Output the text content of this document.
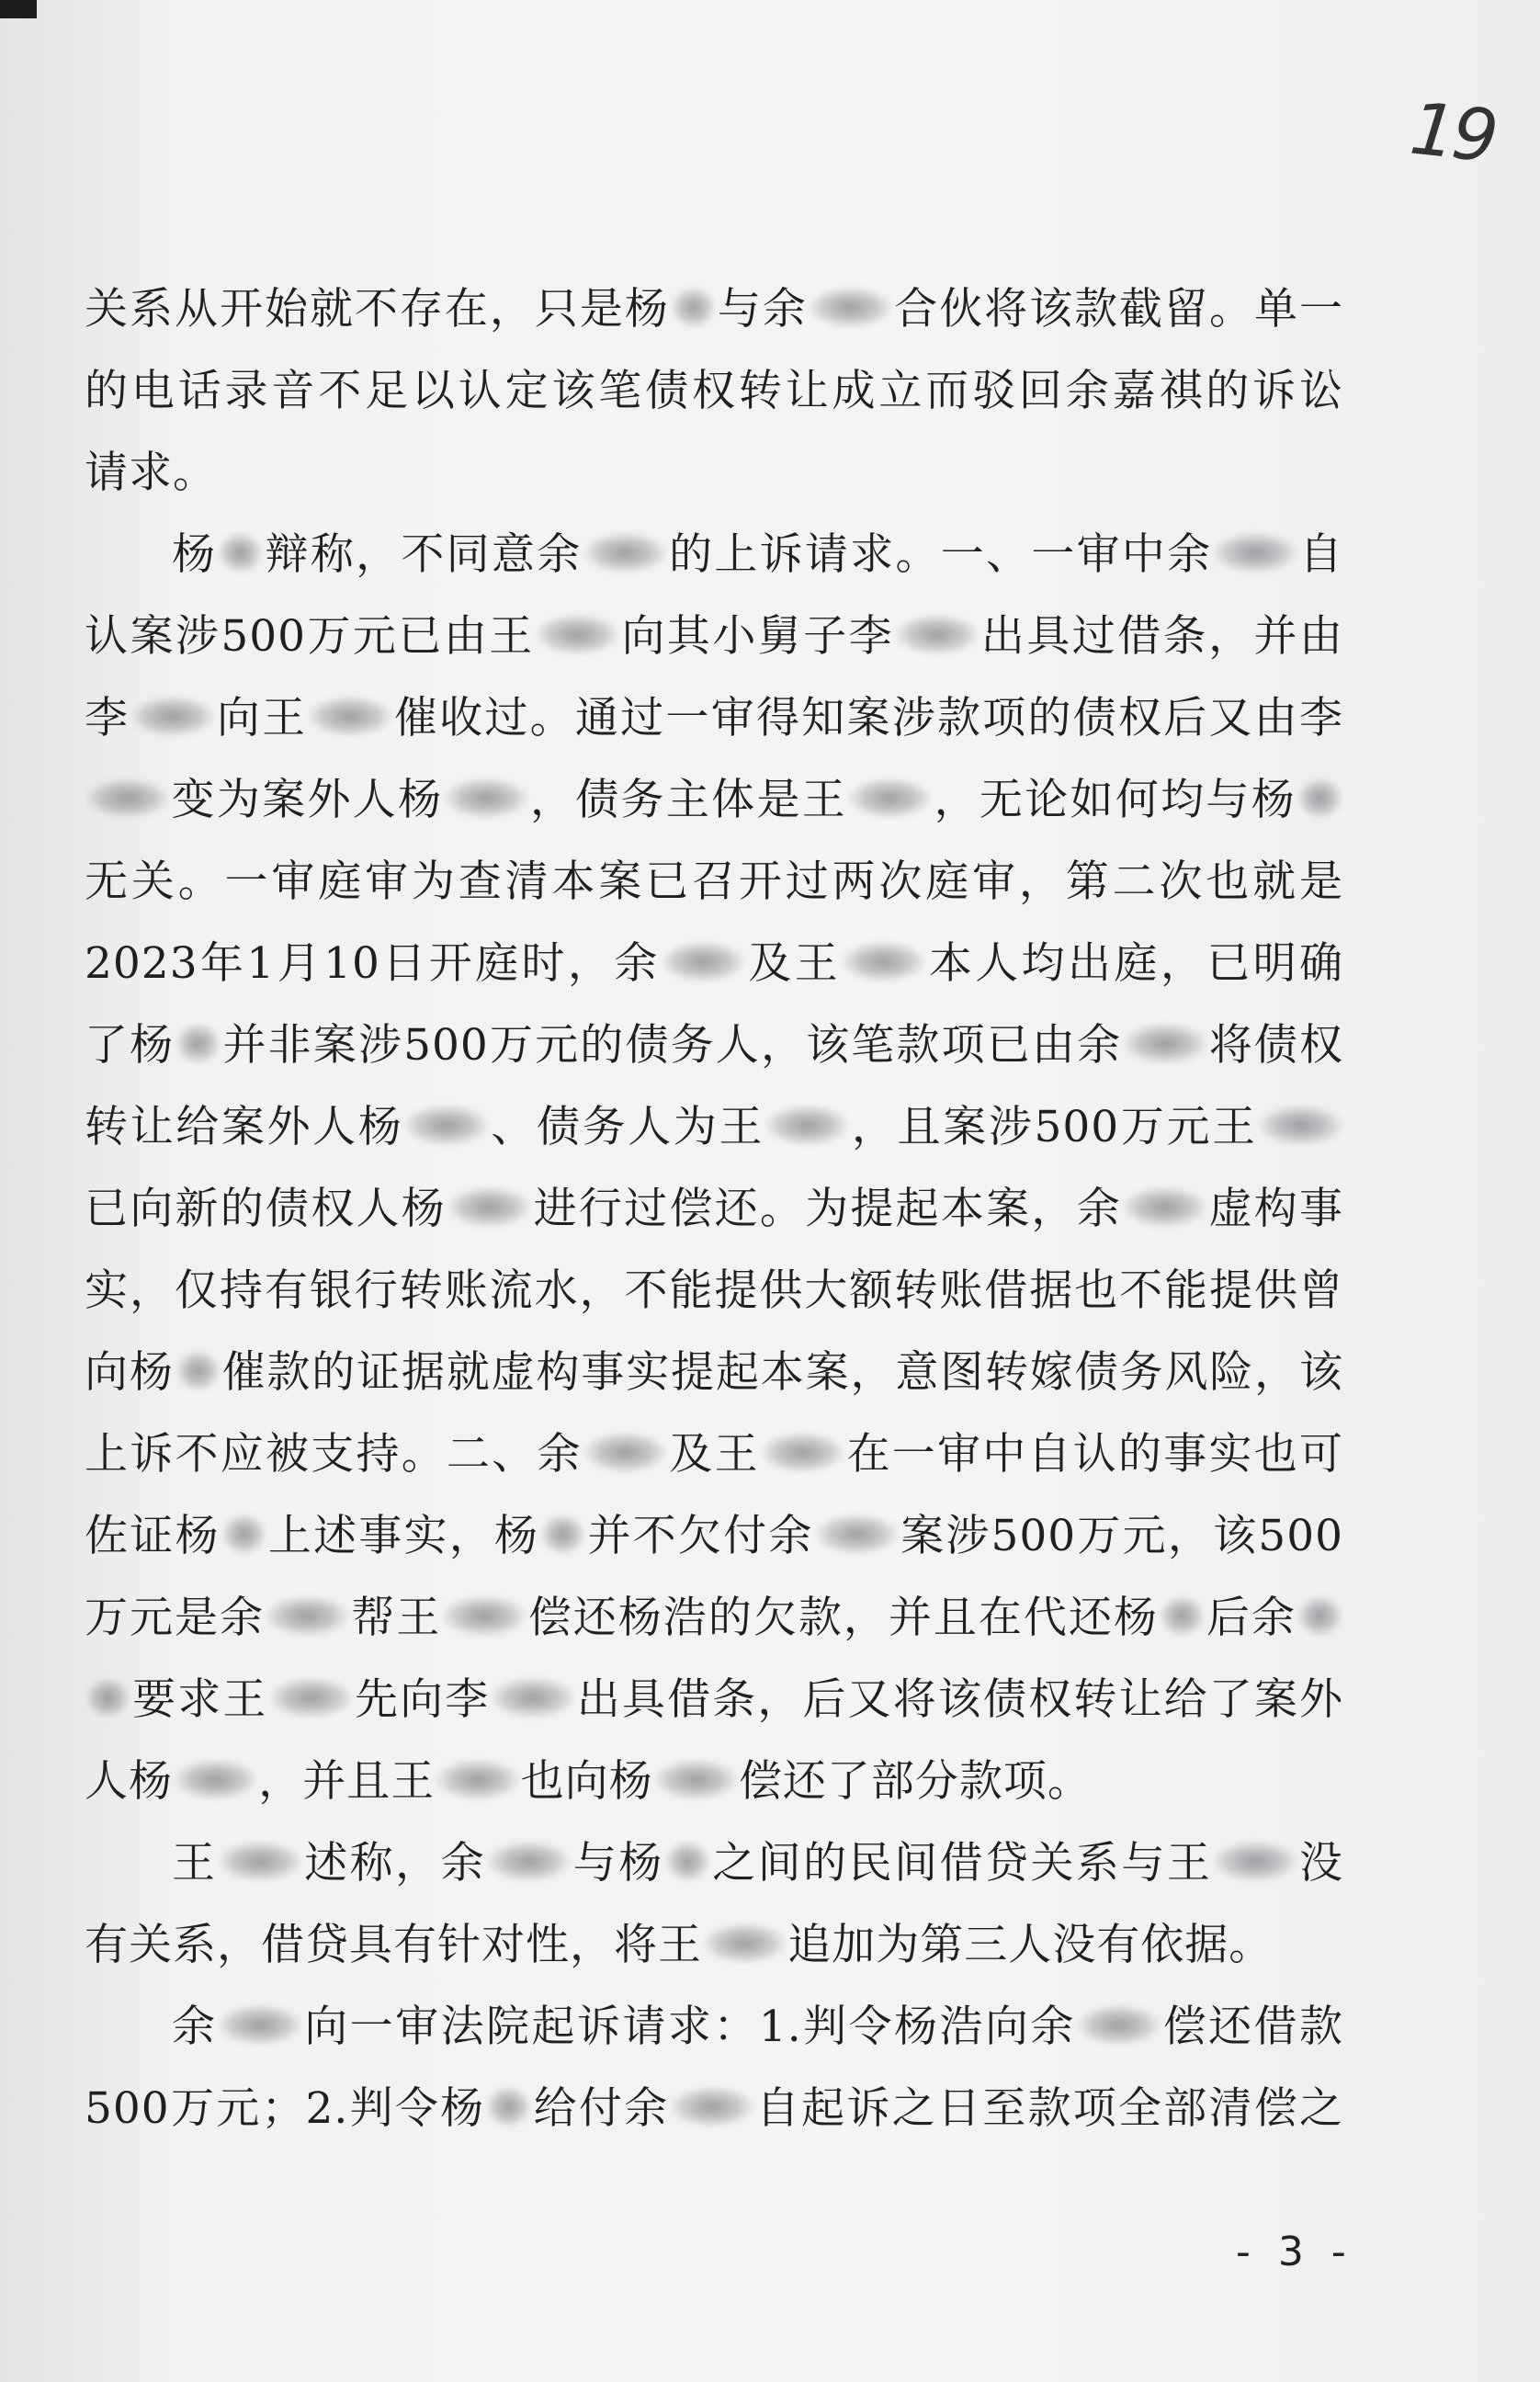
19
关系从开始就不存在，只是杨 与余 合伙将该款截留。单一
的电话录音不足以认定该笔债权转让成立而驳回余嘉祺的诉讼
请求。
杨 辩称，不同意余 的上诉请求。一、一审中余 自
认案涉500万元已由王 向其小舅子李 出具过借条，并由
李 向王 催收过。通过一审得知案涉款项的债权后又由李
变为案外人杨 ，债务主体是王 ，无论如何均与杨
无关。一审庭审为查清本案已召开过两次庭审，第二次也就是
2023年1月10日开庭时，余 及王 本人均出庭，已明确
了杨 并非案涉500万元的债务人，该笔款项已由余 将债权
转让给案外人杨 、债务人为王 ，且案涉500万元王
已向新的债权人杨 进行过偿还。为提起本案，余 虚构事
实，仅持有银行转账流水，不能提供大额转账借据也不能提供曾
向杨 催款的证据就虚构事实提起本案，意图转嫁债务风险，该
上诉不应被支持。二、余 及王 在一审中自认的事实也可
佐证杨 上述事实，杨 并不欠付余 案涉500万元，该500
万元是余 帮王 偿还杨浩的欠款，并且在代还杨 后余
要求王 先向李 出具借条，后又将该债权转让给了案外
人杨 ，并且王 也向杨 偿还了部分款项。
王 述称，余 与杨 之间的民间借贷关系与王 没
有关系，借贷具有针对性，将王 追加为第三人没有依据。
余 向一审法院起诉请求：1.判令杨浩向余 偿还借款
500万元；2.判令杨 给付余 自起诉之日至款项全部清偿之
- 3 -
